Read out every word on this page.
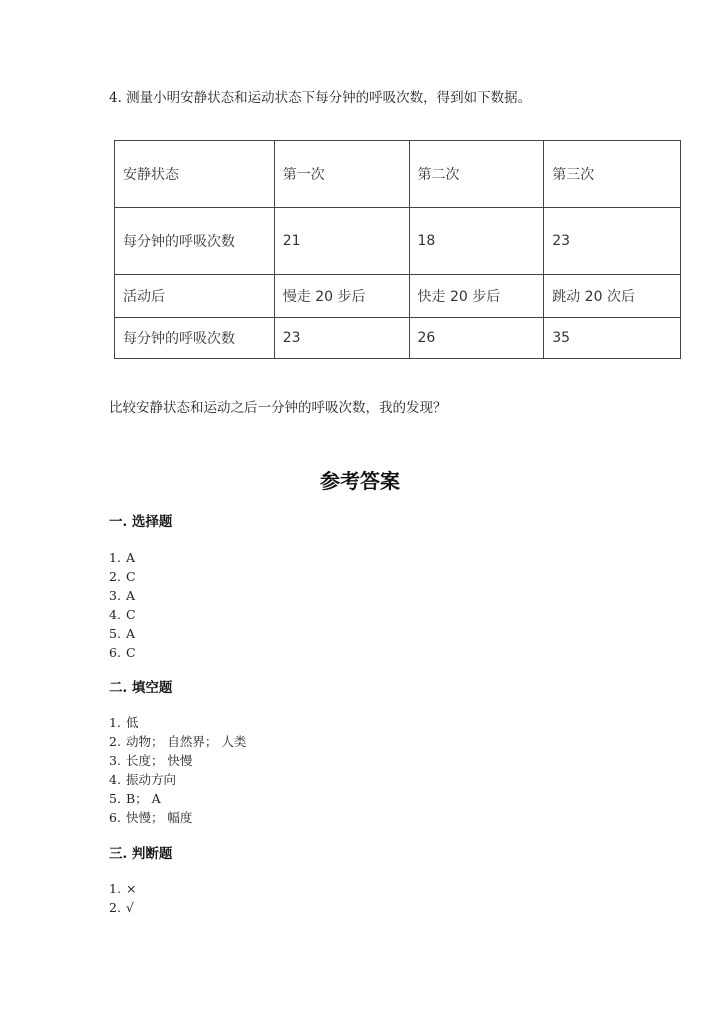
4. 测量小明安静状态和运动状态下每分钟的呼吸次数，得到如下数据。
安静状态	第一次	第二次	第三次
每分钟的呼吸次数	21	18	23
活动后	慢走 20 步后	快走 20 步后	跳动 20 次后
每分钟的呼吸次数	23	26	35
比较安静状态和运动之后一分钟的呼吸次数，我的发现？
参考答案
一. 选择题
1. A
2. C
3. A
4. C
5. A
6. C
二. 填空题
1. 低
2. 动物； 自然界； 人类
3. 长度； 快慢
4. 振动方向
5. B； A
6. 快慢； 幅度
三. 判断题
1. ×
2. √
